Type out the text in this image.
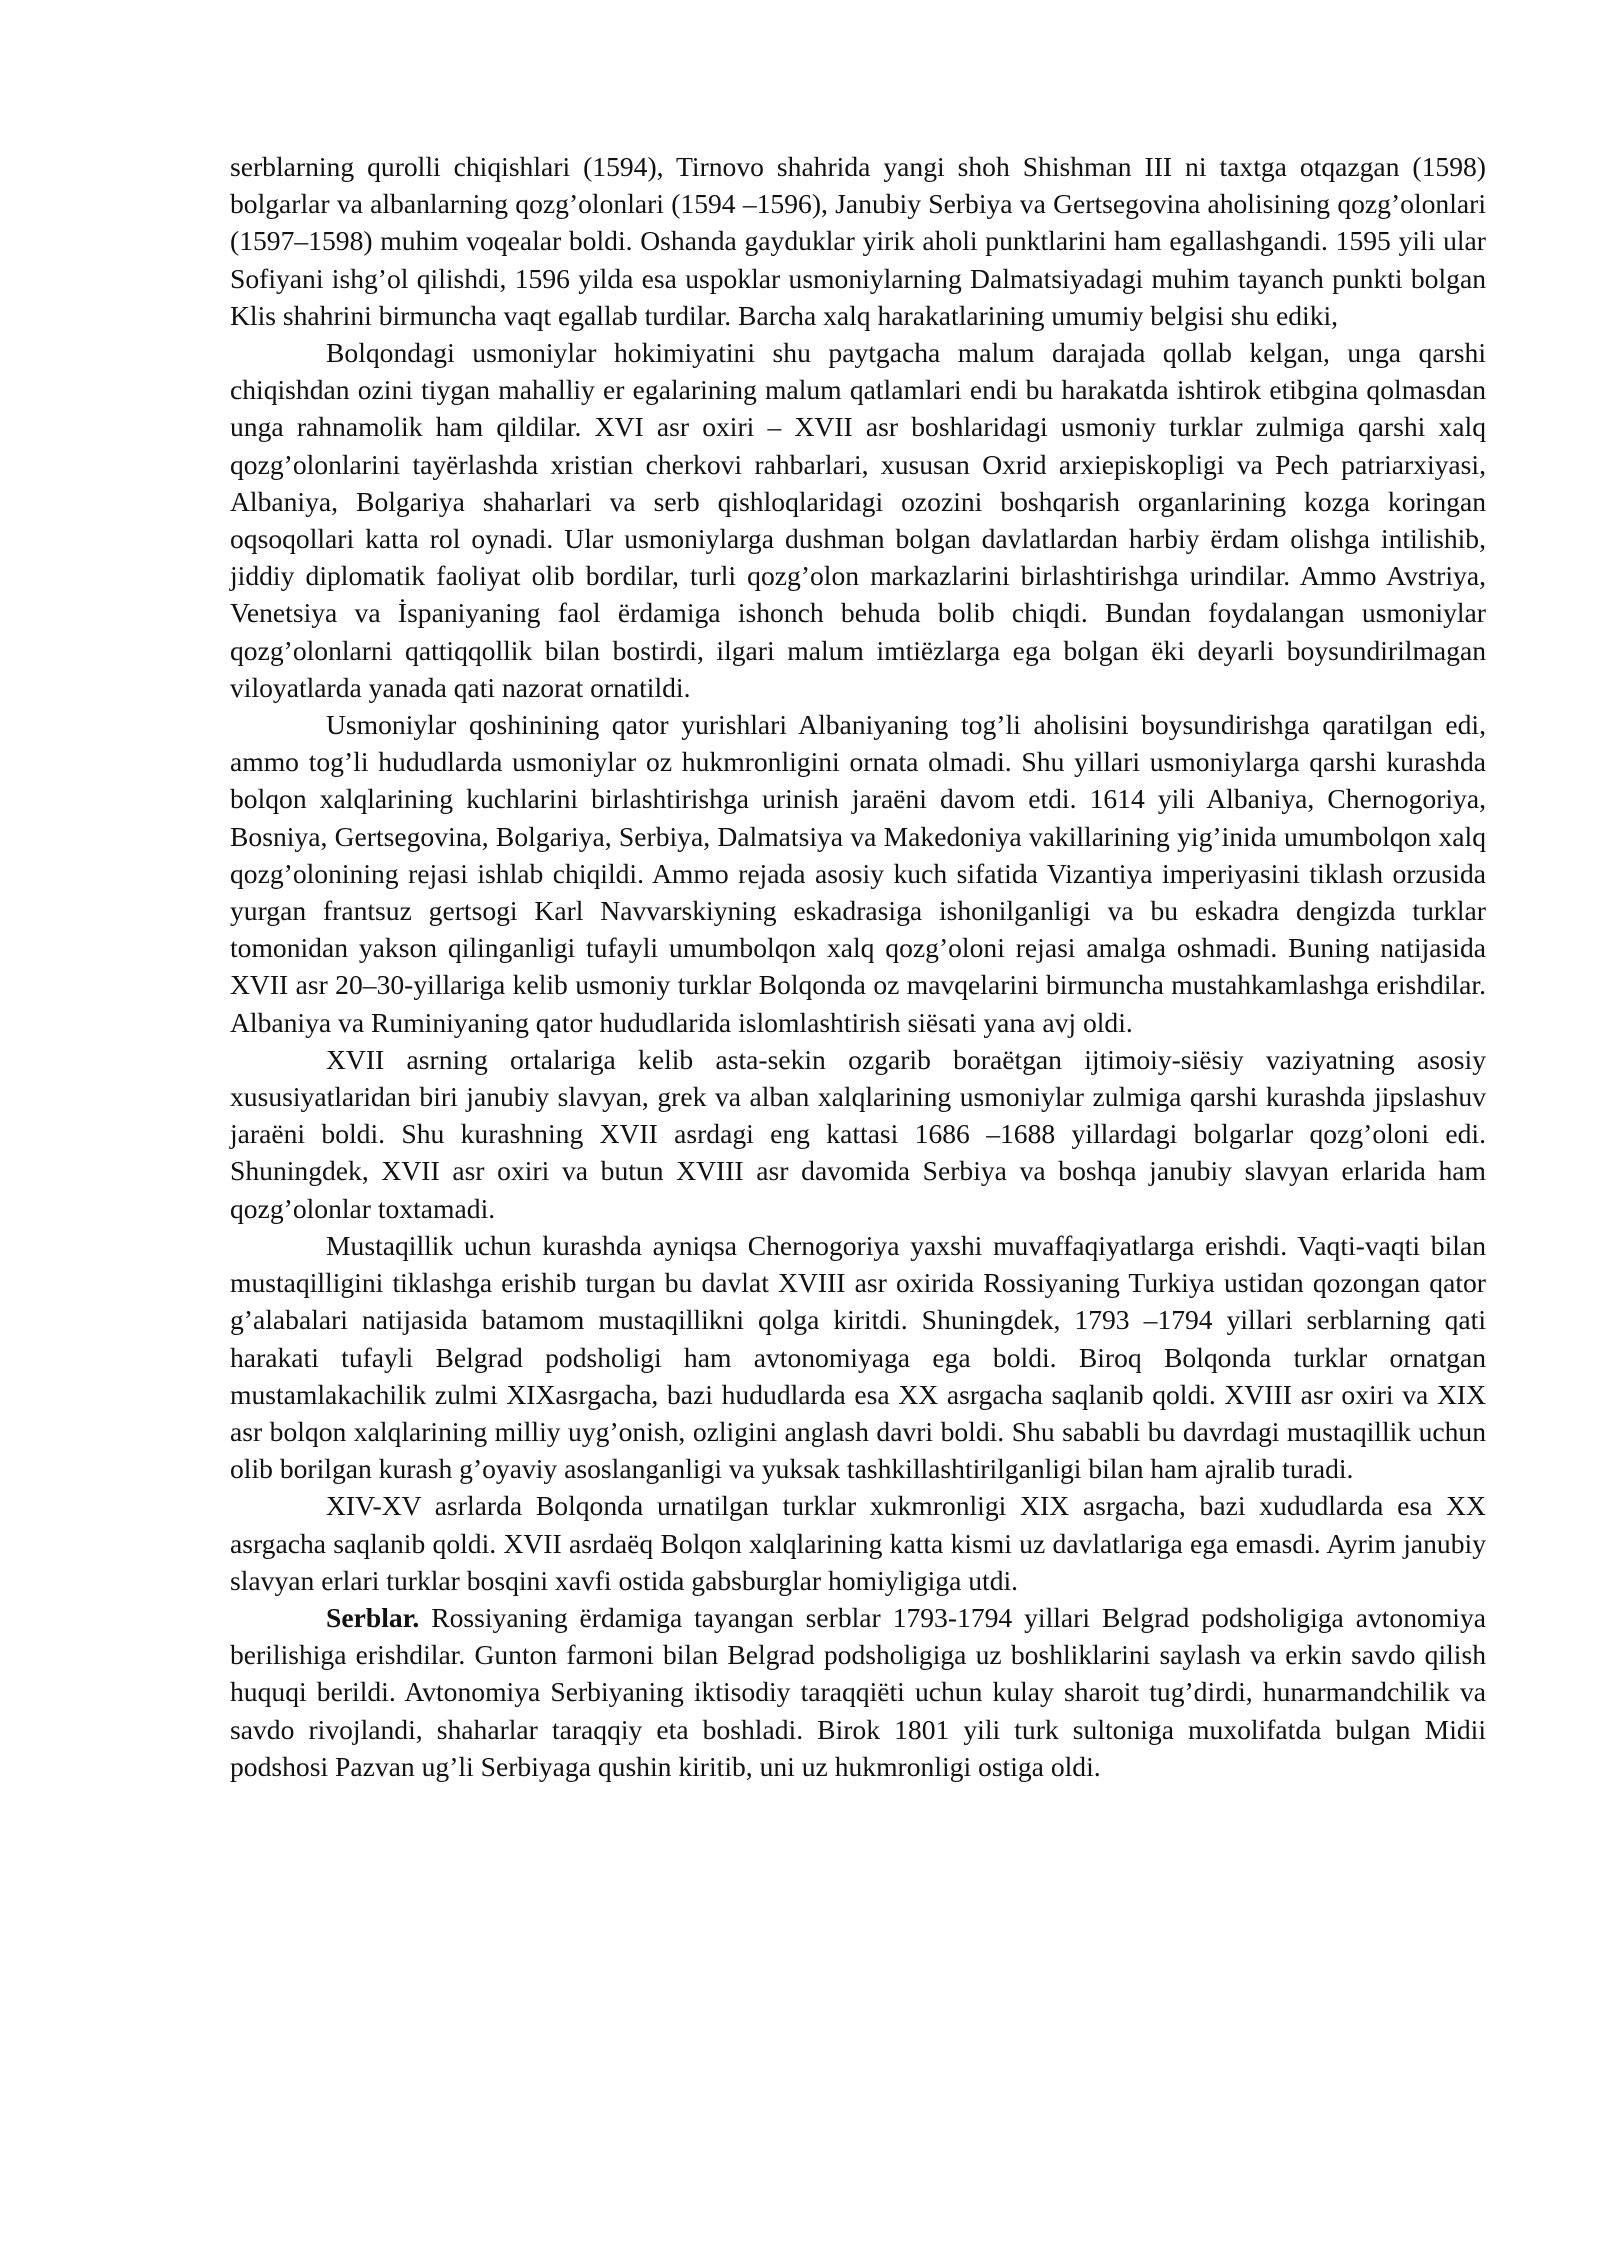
serblarning qurolli chiqishlari (1594), Tirnovo shahrida yangi shoh Shishman III ni taxtga otqazgan (1598) bolgarlar va albanlarning qozg’olonlari (1594 –1596), Janubiy Serbiya va Gertsegovina aholisining qozg’olonlari (1597–1598) muhim voqealar boldi. Oshanda gayduklar yirik aholi punktlarini ham egallashgandi. 1595 yili ular Sofiyani ishg’ol qilishdi, 1596 yilda esa uspoklar usmoniylarning Dalmatsiyadagi muhim tayanch punkti bolgan Klis shahrini birmuncha vaqt egallab turdilar. Barcha xalq harakatlarining umumiy belgisi shu ediki,

Bolqondagi usmoniylar hokimiyatini shu paytgacha malum darajada qollab kelgan, unga qarshi chiqishdan ozini tiygan mahalliy er egalarining malum qatlamlari endi bu harakatda ishtirok etibgina qolmasdan unga rahnamolik ham qildilar. XVI asr oxiri – XVII asr boshlaridagi usmoniy turklar zulmiga qarshi xalq qozg’olonlarini tayërlashda xristian cherkovi rahbarlari, xususan Oxrid arxiepiskopligi va Pech patriarxiyasi, Albaniya, Bolgariya shaharlari va serb qishloqlaridagi ozozini boshqarish organlarining kozga koringan oqsoqollari katta rol oynadi. Ular usmoniylarga dushman bolgan davlatlardan harbiy ërdam olishga intilishib, jiddiy diplomatik faoliyat olib bordilar, turli qozg’olon markazlarini birlashtirishga urindilar. Ammo Avstriya, Venetsiya va İspaniyaning faol ërdamiga ishonch behuda bolib chiqdi. Bundan foydalangan usmoniylar qozg’olonlarni qattiqqollik bilan bostirdi, ilgari malum imtiëzlarga ega bolgan ëki deyarli boysundirilmagan viloyatlarda yanada qati nazorat ornatildi.

Usmoniylar qoshinining qator yurishlari Albaniyaning tog’li aholisini boysundirishga qaratilgan edi, ammo tog’li hududlarda usmoniylar oz hukmronligini ornata olmadi. Shu yillari usmoniylarga qarshi kurashda bolqon xalqlarining kuchlarini birlashtirishga urinish jaraëni davom etdi. 1614 yili Albaniya, Chernogoriya, Bosniya, Gertsegovina, Bolgariya, Serbiya, Dalmatsiya va Makedoniya vakillarining yig’inida umumbolqon xalq qozg’olonining rejasi ishlab chiqildi. Ammo rejada asosiy kuch sifatida Vizantiya imperiyasini tiklash orzusida yurgan frantsuz gertsogi Karl Navvarskiyning eskadrasiga ishonilganligi va bu eskadra dengizda turklar tomonidan yakson qilinganligi tufayli umumbolqon xalq qozg’oloni rejasi amalga oshmadi. Buning natijasida XVII asr 20–30-yillariga kelib usmoniy turklar Bolqonda oz mavqelarini birmuncha mustahkamlashga erishdilar. Albaniya va Ruminiyaning qator hududlarida islomlashtirish siësati yana avj oldi.

XVII asrning ortalariga kelib asta-sekin ozgarib boraëtgan ijtimoiy-siësiy vaziyatning asosiy xususiyatlaridan biri janubiy slavyan, grek va alban xalqlarining usmoniylar zulmiga qarshi kurashda jipslashuv jaraëni boldi. Shu kurashning XVII asrdagi eng kattasi 1686 –1688 yillardagi bolgarlar qozg’oloni edi. Shuningdek, XVII asr oxiri va butun XVIII asr davomida Serbiya va boshqa janubiy slavyan erlarida ham qozg’olonlar toxtamadi.

Mustaqillik uchun kurashda ayniqsa Chernogoriya yaxshi muvaffaqiyatlarga erishdi. Vaqti-vaqti bilan mustaqilligini tiklashga erishib turgan bu davlat XVIII asr oxirida Rossiyaning Turkiya ustidan qozongan qator g’alabalari natijasida batamom mustaqillikni qolga kiritdi. Shuningdek, 1793 –1794 yillari serblarning qati harakati tufayli Belgrad podsholigi ham avtonomiyaga ega boldi. Biroq Bolqonda turklar ornatgan mustamlakachilik zulmi XIXasrgacha, bazi hududlarda esa XX asrgacha saqlanib qoldi. XVIII asr oxiri va XIX asr bolqon xalqlarining milliy uyg’onish, ozligini anglash davri boldi. Shu sababli bu davrdagi mustaqillik uchun olib borilgan kurash g’oyaviy asoslanganligi va yuksak tashkillashtirilganligi bilan ham ajralib turadi.

XIV-XV asrlarda Bolqonda urnatilgan turklar xukmronligi XIX asrgacha, bazi xududlarda esa XX asrgacha saqlanib qoldi. XVII asrdaëq Bolqon xalqlarining katta kismi uz davlatlariga ega emasdi. Ayrim janubiy slavyan erlari turklar bosqini xavfi ostida gabsburglar homiyligiga utdi.

Serblar. Rossiyaning ërdamiga tayangan serblar 1793-1794 yillari Belgrad podsholigiga avtonomiya berilishiga erishdilar. Gunton farmoni bilan Belgrad podsholigiga uz boshliklarini saylash va erkin savdo qilish huquqi berildi. Avtonomiya Serbiyaning iktisodiy taraqqiëti uchun kulay sharoit tug’dirdi, hunarmandchilik va savdo rivojlandi, shaharlar taraqqiy eta boshladi. Birok 1801 yili turk sultoniga muxolifatda bulgan Midii podshosi Pazvan ug’li Serbiyaga qushin kiritib, uni uz hukmronligi ostiga oldi.
